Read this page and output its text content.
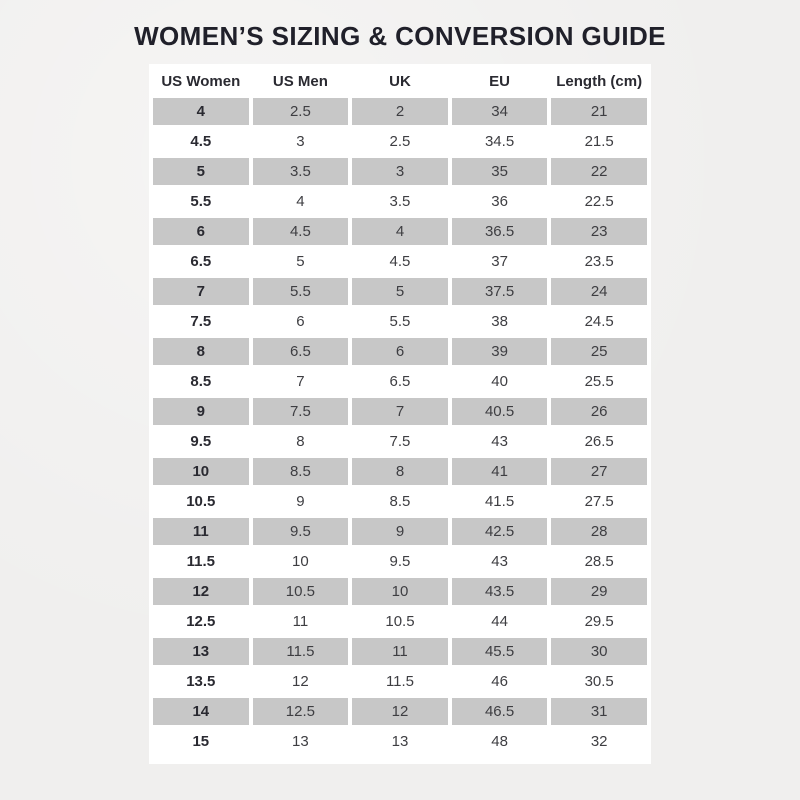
WOMEN’S SIZING & CONVERSION GUIDE
US Women	US Men	UK	EU	Length (cm)
4	2.5	2	34	21
4.5	3	2.5	34.5	21.5
5	3.5	3	35	22
5.5	4	3.5	36	22.5
6	4.5	4	36.5	23
6.5	5	4.5	37	23.5
7	5.5	5	37.5	24
7.5	6	5.5	38	24.5
8	6.5	6	39	25
8.5	7	6.5	40	25.5
9	7.5	7	40.5	26
9.5	8	7.5	43	26.5
10	8.5	8	41	27
10.5	9	8.5	41.5	27.5
11	9.5	9	42.5	28
11.5	10	9.5	43	28.5
12	10.5	10	43.5	29
12.5	11	10.5	44	29.5
13	11.5	11	45.5	30
13.5	12	11.5	46	30.5
14	12.5	12	46.5	31
15	13	13	48	32
